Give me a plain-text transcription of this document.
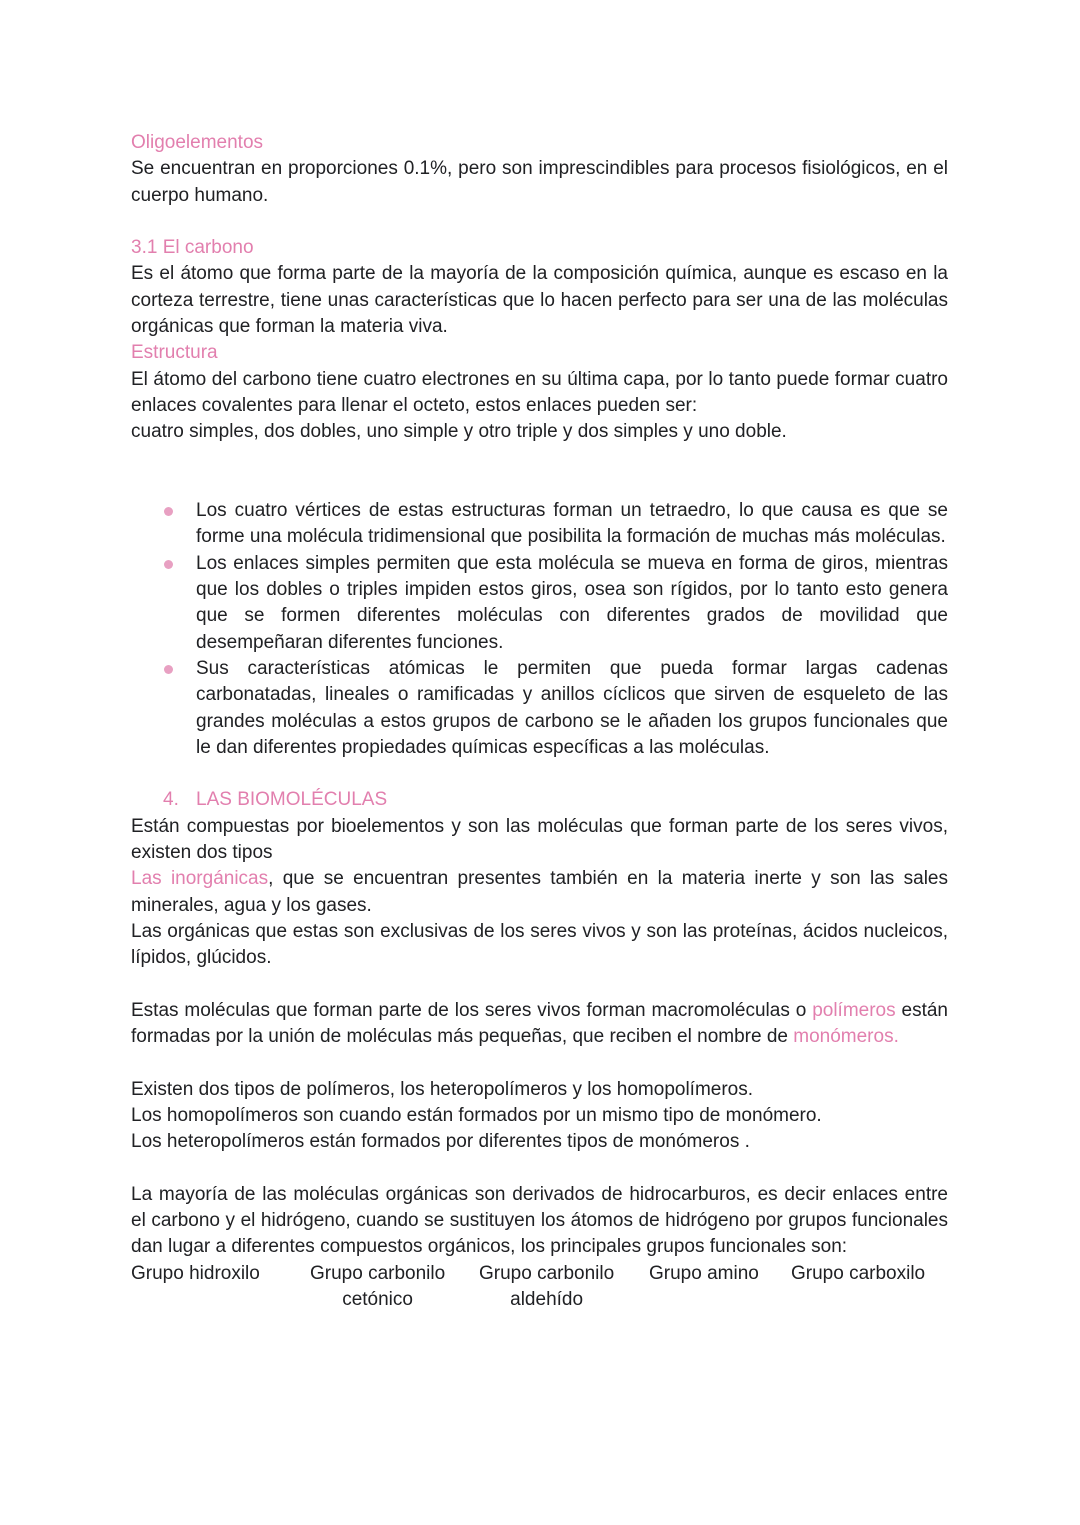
Oligoelementos

Se encuentran en proporciones 0.1%, pero son imprescindibles para procesos fisiológicos, en el cuerpo humano.

3.1 El carbono

Es el átomo que forma parte de la mayoría de la composición química, aunque es escaso en la corteza terrestre, tiene unas características que lo hacen perfecto para ser una de las moléculas orgánicas que forman la materia viva.

Estructura

El átomo del carbono tiene cuatro electrones en su última capa, por lo tanto puede formar cuatro enlaces covalentes para llenar el octeto, estos enlaces pueden ser:

cuatro simples, dos dobles, uno simple y otro triple y dos simples y uno doble.
Los cuatro vértices de estas estructuras forman un tetraedro, lo que causa es que se forme una molécula tridimensional que posibilita la formación de muchas más moléculas.
Los enlaces simples permiten que esta molécula se mueva en forma de giros, mientras que los dobles o triples impiden estos giros, osea son rígidos, por lo tanto esto genera que se formen diferentes moléculas con diferentes grados de movilidad que desempeñaran diferentes funciones.
Sus características atómicas le permiten que pueda formar largas cadenas carbonatadas, lineales o ramificadas y anillos cíclicos que sirven de esqueleto de las grandes moléculas a estos grupos de carbono se le añaden los grupos funcionales que le dan diferentes propiedades químicas específicas a las moléculas.
4. LAS BIOMOLÉCULAS

Están compuestas por bioelementos y son las moléculas que forman parte de los seres vivos, existen dos tipos

Las inorgánicas, que se encuentran presentes también en la materia inerte y son las sales minerales, agua y los gases.

Las orgánicas que estas son exclusivas de los seres vivos y son las proteínas, ácidos nucleicos, lípidos, glúcidos.

Estas moléculas que forman parte de los seres vivos forman macromoléculas o polímeros están formadas por la unión de moléculas más pequeñas, que reciben el nombre de monómeros.

Existen dos tipos de polímeros, los heteropolímeros y los homopolímeros.
Los homopolímeros son cuando están formados por un mismo tipo de monómero.
Los heteropolímeros están formados por diferentes tipos de monómeros .

La mayoría de las moléculas orgánicas son derivados de hidrocarburos, es decir enlaces entre el carbono y el hidrógeno, cuando se sustituyen los átomos de hidrógeno por grupos funcionales dan lugar a diferentes compuestos orgánicos, los principales grupos funcionales son:

Grupo hidroxilo	Grupo carbonilo
cetónico
Grupo carbonilo
aldehído
Grupo amino Grupo carboxilo
